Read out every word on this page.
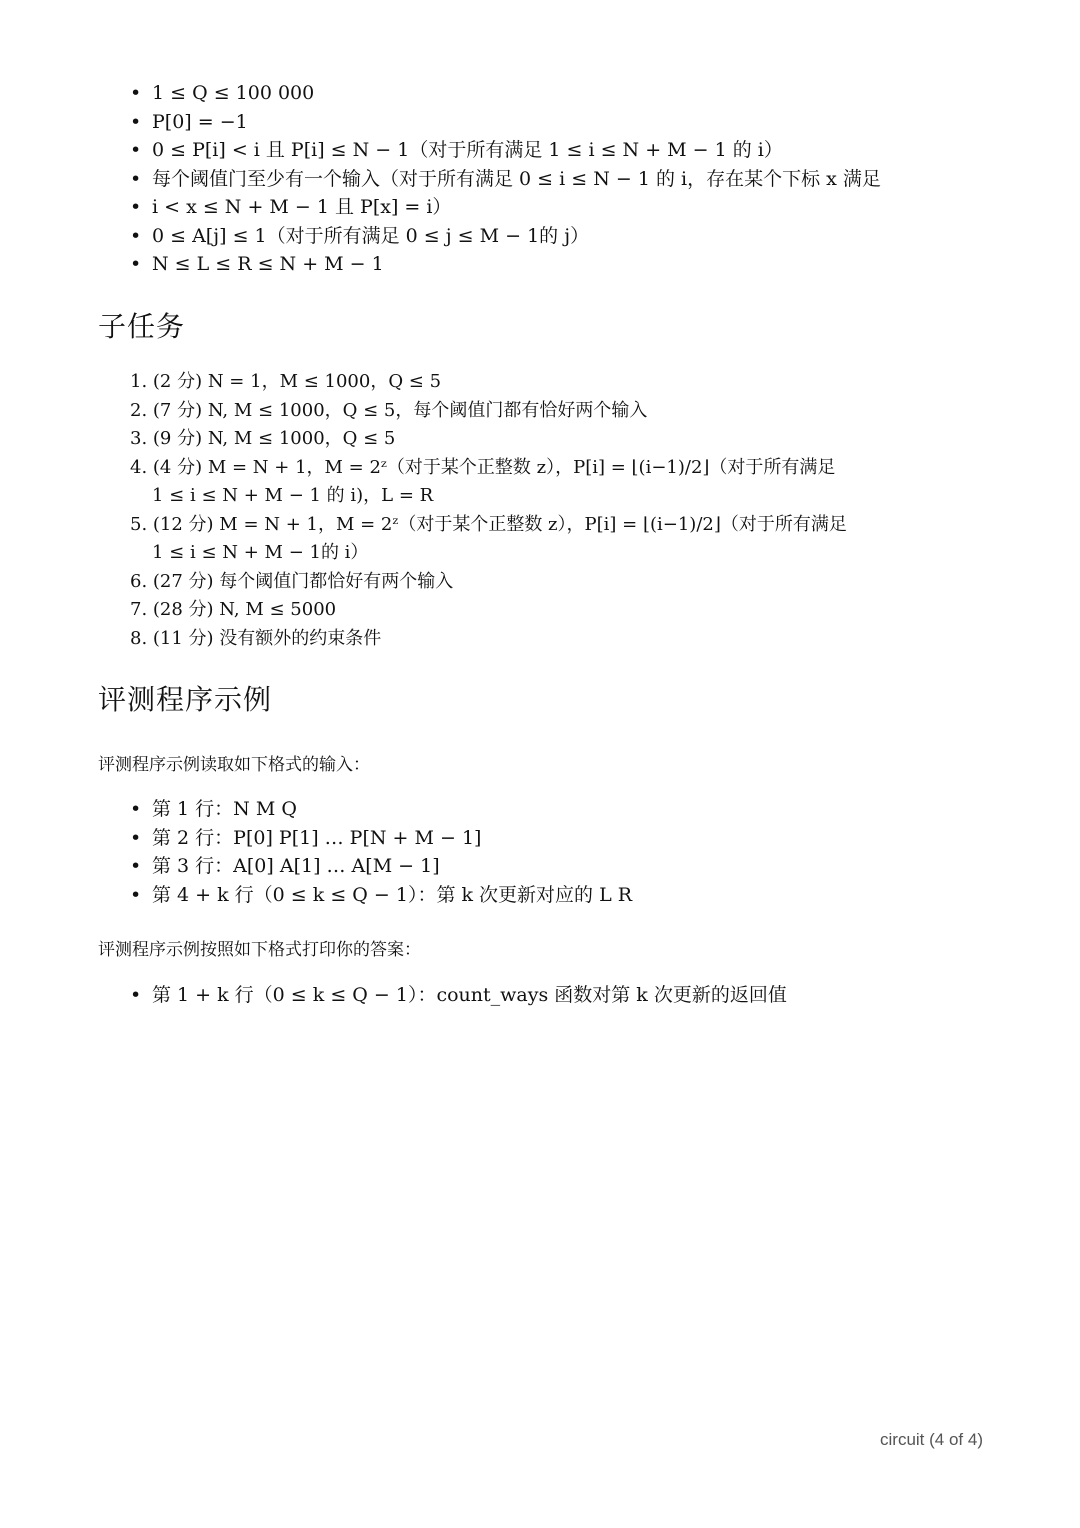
• 1 ≤ Q ≤ 100 000
• P[0] = −1
• 0 ≤ P[i] < i 且 P[i] ≤ N − 1（对于所有满足 1 ≤ i ≤ N + M − 1 的 i）
• 每个阈值门至少有一个输入（对于所有满足 0 ≤ i ≤ N − 1 的 i，存在某个下标 x 满足
• i < x ≤ N + M − 1 且 P[x] = i）
• 0 ≤ A[j] ≤ 1（对于所有满足 0 ≤ j ≤ M − 1的 j）
• N ≤ L ≤ R ≤ N + M − 1
子任务
1. (2 分) N = 1，M ≤ 1000，Q ≤ 5
2. (7 分) N, M ≤ 1000，Q ≤ 5，每个阈值门都有恰好两个输入
3. (9 分) N, M ≤ 1000，Q ≤ 5
4. (4 分) M = N + 1，M = 2ᶻ（对于某个正整数 z），P[i] = ⌊(i−1)/2⌋（对于所有满足
1 ≤ i ≤ N + M − 1 的 i)，L = R
5. (12 分) M = N + 1，M = 2ᶻ（对于某个正整数 z），P[i] = ⌊(i−1)/2⌋（对于所有满足
1 ≤ i ≤ N + M − 1的 i）
6. (27 分) 每个阈值门都恰好有两个输入
7. (28 分) N, M ≤ 5000
8. (11 分) 没有额外的约束条件
评测程序示例

评测程序示例读取如下格式的输入：

• 第 1 行：N M Q
• 第 2 行：P[0] P[1] … P[N + M − 1]
• 第 3 行：A[0] A[1] … A[M − 1]
• 第 4 + k 行（0 ≤ k ≤ Q − 1）：第 k 次更新对应的 L R

评测程序示例按照如下格式打印你的答案：

• 第 1 + k 行（0 ≤ k ≤ Q − 1）：count_ways 函数对第 k 次更新的返回值
circuit (4 of 4)
